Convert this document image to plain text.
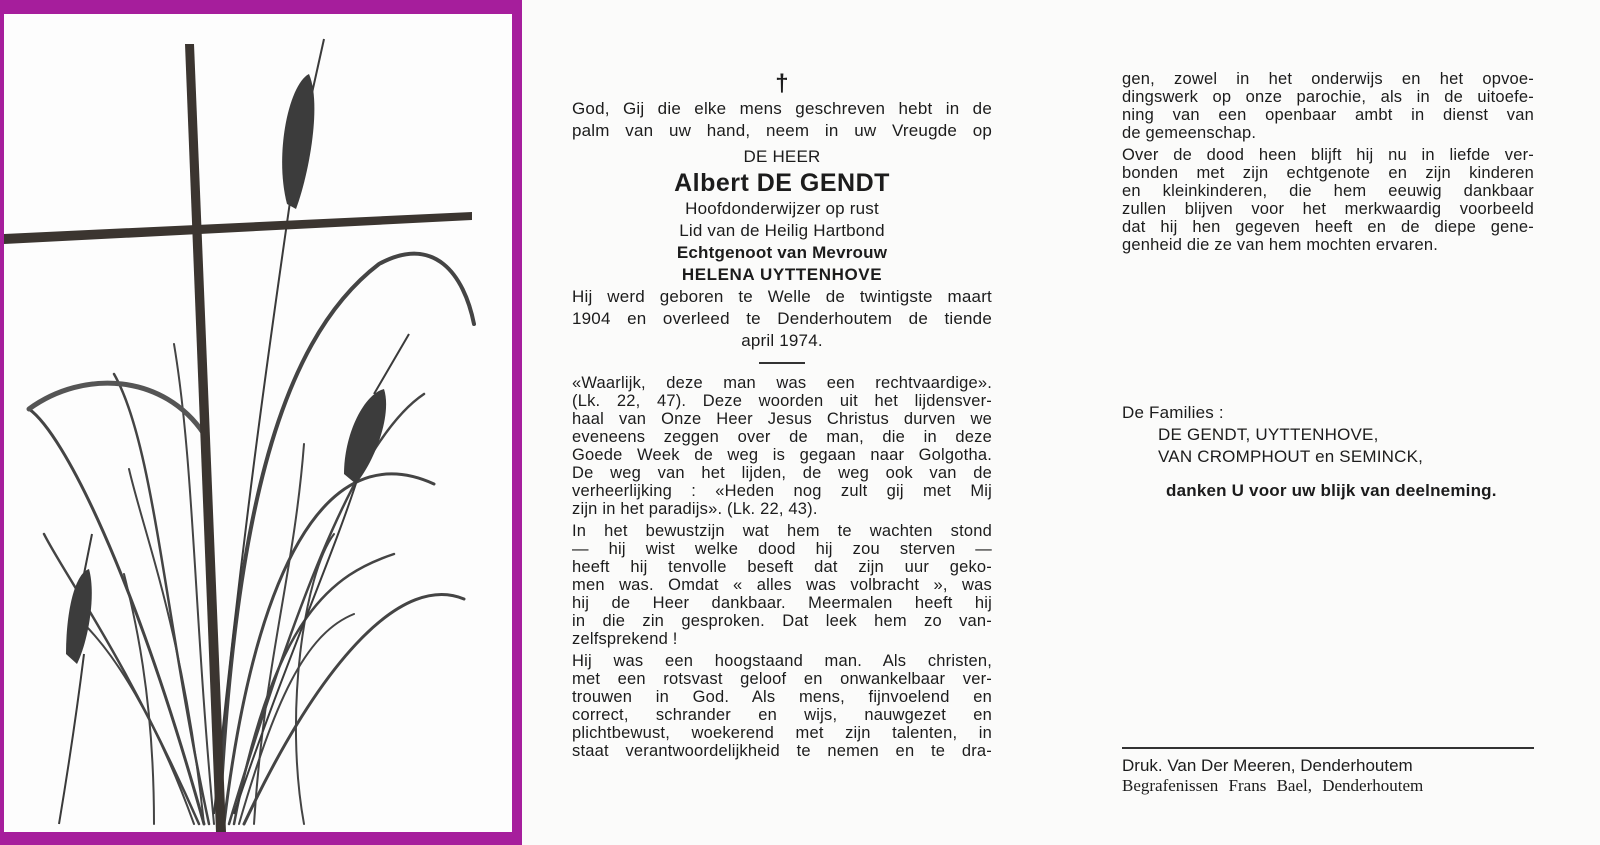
†
God, Gij die elke mens geschreven hebt in de
palm van uw hand, neem in uw Vreugde op
DE HEER
Albert DE GENDT
Hoofdonderwijzer op rust
Lid van de Heilig Hartbond
Echtgenoot van Mevrouw
HELENA UYTTENHOVE
Hij werd geboren te Welle de twintigste maart
1904 en overleed te Denderhoutem de tiende
april 1974.
«Waarlijk, deze man was een rechtvaardige».
(Lk. 22, 47). Deze woorden uit het lijdensver-
haal van Onze Heer Jesus Christus durven we
eveneens zeggen over de man, die in deze
Goede Week de weg is gegaan naar Golgotha.
De weg van het lijden, de weg ook van de
verheerlijking : «Heden nog zult gij met Mij
zijn in het paradijs». (Lk. 22, 43).
In het bewustzijn wat hem te wachten stond
— hij wist welke dood hij zou sterven —
heeft hij tenvolle beseft dat zijn uur geko-
men was. Omdat « alles was volbracht », was
hij de Heer dankbaar. Meermalen heeft hij
in die zin gesproken. Dat leek hem zo van-
zelfsprekend !
Hij was een hoogstaand man. Als christen,
met een rotsvast geloof en onwankelbaar ver-
trouwen in God. Als mens, fijnvoelend en
correct, schrander en wijs, nauwgezet en
plichtbewust, woekerend met zijn talenten, in
staat verantwoordelijkheid te nemen en te dra-
gen, zowel in het onderwijs en het opvoe-
dingswerk op onze parochie, als in de uitoefe-
ning van een openbaar ambt in dienst van
de gemeenschap.
Over de dood heen blijft hij nu in liefde ver-
bonden met zijn echtgenote en zijn kinderen
en kleinkinderen, die hem eeuwig dankbaar
zullen blijven voor het merkwaardig voorbeeld
dat hij hen gegeven heeft en de diepe gene-
genheid die ze van hem mochten ervaren.
De Families :
DE GENDT, UYTTENHOVE,
VAN CROMPHOUT en SEMINCK,
danken U voor uw blijk van deelneming.
Druk. Van Der Meeren, Denderhoutem
Begrafenissen Frans Bael, Denderhoutem
